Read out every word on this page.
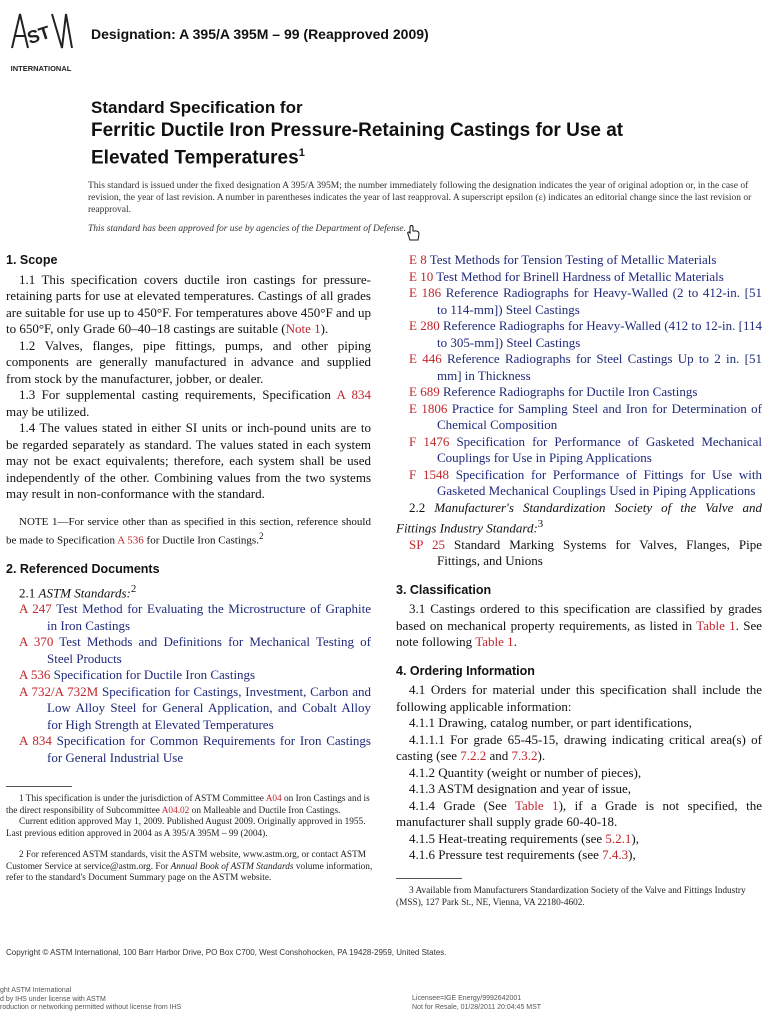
ST
INTERNATIONAL
Designation: A 395/A 395M – 99 (Reapproved 2009)
Standard Specification for
Ferritic Ductile Iron Pressure-Retaining Castings for Use at
Elevated Temperatures$^1$
This standard is issued under the fixed designation A 395/A 395M; the number immediately following the designation indicates the year of original adoption or, in the case of revision, the year of last revision. A number in parentheses indicates the year of last reapproval. A superscript epsilon (ε) indicates an editorial change since the last revision or reapproval.
This standard has been approved for use by agencies of the Department of Defense.
1. Scope

1.1 This specification covers ductile iron castings for pressure-retaining parts for use at elevated temperatures. Castings of all grades are suitable for use up to 450°F. For temperatures above 450°F and up to 650°F, only Grade 60–40–18 castings are suitable (Note 1).

1.2 Valves, flanges, pipe fittings, pumps, and other piping components are generally manufactured in advance and supplied from stock by the manufacturer, jobber, or dealer.

1.3 For supplemental casting requirements, Specification A 834 may be utilized.

1.4 The values stated in either SI units or inch-pound units are to be regarded separately as standard. The values stated in each system may not be exact equivalents; therefore, each system shall be used independently of the other. Combining values from the two systems may result in non-conformance with the standard.

NOTE 1—For service other than as specified in this section, reference should be made to Specification A 536 for Ductile Iron Castings.$^2$

2. Referenced Documents

2.1 ASTM Standards:$^2$

A 247 Test Method for Evaluating the Microstructure of Graphite in Iron Castings

A 370 Test Methods and Definitions for Mechanical Testing of Steel Products

A 536 Specification for Ductile Iron Castings

A 732/A 732M Specification for Castings, Investment, Carbon and Low Alloy Steel for General Application, and Cobalt Alloy for High Strength at Elevated Temperatures

A 834 Specification for Common Requirements for Iron Castings for General Industrial Use

E 8 Test Methods for Tension Testing of Metallic Materials

E 10 Test Method for Brinell Hardness of Metallic Materials

E 186 Reference Radiographs for Heavy-Walled (2 to 412-in. [51 to 114-mm]) Steel Castings

E 280 Reference Radiographs for Heavy-Walled (412 to 12-in. [114 to 305-mm]) Steel Castings

E 446 Reference Radiographs for Steel Castings Up to 2 in. [51 mm] in Thickness

E 689 Reference Radiographs for Ductile Iron Castings

E 1806 Practice for Sampling Steel and Iron for Determination of Chemical Composition

F 1476 Specification for Performance of Gasketed Mechanical Couplings for Use in Piping Applications

F 1548 Specification for Performance of Fittings for Use with Gasketed Mechanical Couplings Used in Piping Applications

2.2 Manufacturer's Standardization Society of the Valve and Fittings Industry Standard:$^3$

SP 25 Standard Marking Systems for Valves, Flanges, Pipe Fittings, and Unions

3. Classification

3.1 Castings ordered to this specification are classified by grades based on mechanical property requirements, as listed in Table 1. See note following Table 1.

4. Ordering Information

4.1 Orders for material under this specification shall include the following applicable information:

4.1.1 Drawing, catalog number, or part identifications,

4.1.1.1 For grade 65-45-15, drawing indicating critical area(s) of casting (see 7.2.2 and 7.3.2).

4.1.2 Quantity (weight or number of pieces),

4.1.3 ASTM designation and year of issue,

4.1.4 Grade (See Table 1), if a Grade is not specified, the manufacturer shall supply grade 60-40-18.

4.1.5 Heat-treating requirements (see 5.2.1),

4.1.6 Pressure test requirements (see 7.4.3),

1 This specification is under the jurisdiction of ASTM Committee A04 on Iron Castings and is the direct responsibility of Subcommittee A04.02 on Malleable and Ductile Iron Castings.

Current edition approved May 1, 2009. Published August 2009. Originally approved in 1955. Last previous edition approved in 2004 as A 395/A 395M – 99 (2004).

2 For referenced ASTM standards, visit the ASTM website, www.astm.org, or contact ASTM Customer Service at service@astm.org. For Annual Book of ASTM Standards volume information, refer to the standard's Document Summary page on the ASTM website.

3 Available from Manufacturers Standardization Society of the Valve and Fittings Industry (MSS), 127 Park St., NE, Vienna, VA 22180-4602.

Copyright © ASTM International, 100 Barr Harbor Drive, PO Box C700, West Conshohocken, PA 19428-2959, United States.
ght ASTM International
d by IHS under license with ASTM
roduction or networking permitted without license from IHS
Licensee=IGE Energy/9992642001
Not for Resale, 01/28/2011 20:04:45 MST
